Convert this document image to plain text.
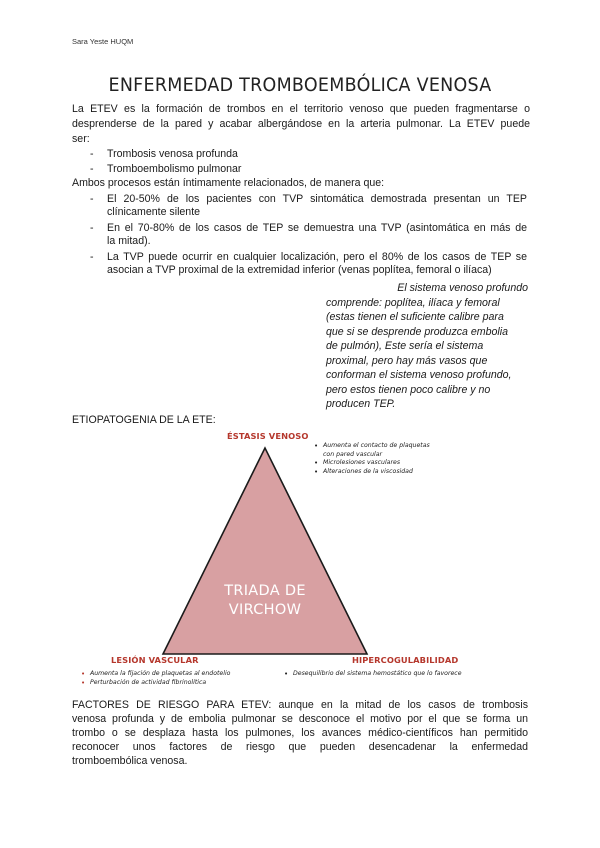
Sara Yeste HUQM
ENFERMEDAD TROMBOEMBÓLICA VENOSA
La ETEV es la formación de trombos en el territorio venoso que pueden fragmentarse o
desprenderse de la pared y acabar albergándose en la arteria pulmonar. La ETEV puede
ser:
- Trombosis venosa profunda
- Tromboembolismo pulmonar
Ambos procesos están íntimamente relacionados, de manera que:
- El 20-50% de los pacientes con TVP sintomática demostrada presentan un TEP
clínicamente silente
- En el 70-80% de los casos de TEP se demuestra una TVP (asintomática en más de
la mitad).
- La TVP puede ocurrir en cualquier localización, pero el 80% de los casos de TEP se
asocian a TVP proximal de la extremidad inferior (venas poplítea, femoral o ilíaca)
El sistema venoso profundo
comprende: poplítea, ilíaca y femoral
(estas tienen el suficiente calibre para
que si se desprende produzca embolia
de pulmón), Este sería el sistema
proximal, pero hay más vasos que
conforman el sistema venoso profundo,
pero estos tienen poco calibre y no
producen TEP.
ETIOPATOGENIA DE LA ETE:
TRIADA DE
VIRCHOW
ÉSTASIS VENOSO
• Aumenta el contacto de plaquetas
con pared vascular
• Microlesiones vasculares
• Alteraciones de la viscosidad
LESIÓN VASCULAR
• Aumenta la fijación de plaquetas al endotelio
• Perturbación de actividad fibrinolítica
HIPERCOGULABILIDAD
• Desequilibrio del sistema hemostático que lo favorece
FACTORES DE RIESGO PARA ETEV: aunque en la mitad de los casos de trombosis
venosa profunda y de embolia pulmonar se desconoce el motivo por el que se forma un
trombo o se desplaza hasta los pulmones, los avances médico-científicos han permitido
reconocer unos factores de riesgo que pueden desencadenar la enfermedad
tromboembólica venosa.
